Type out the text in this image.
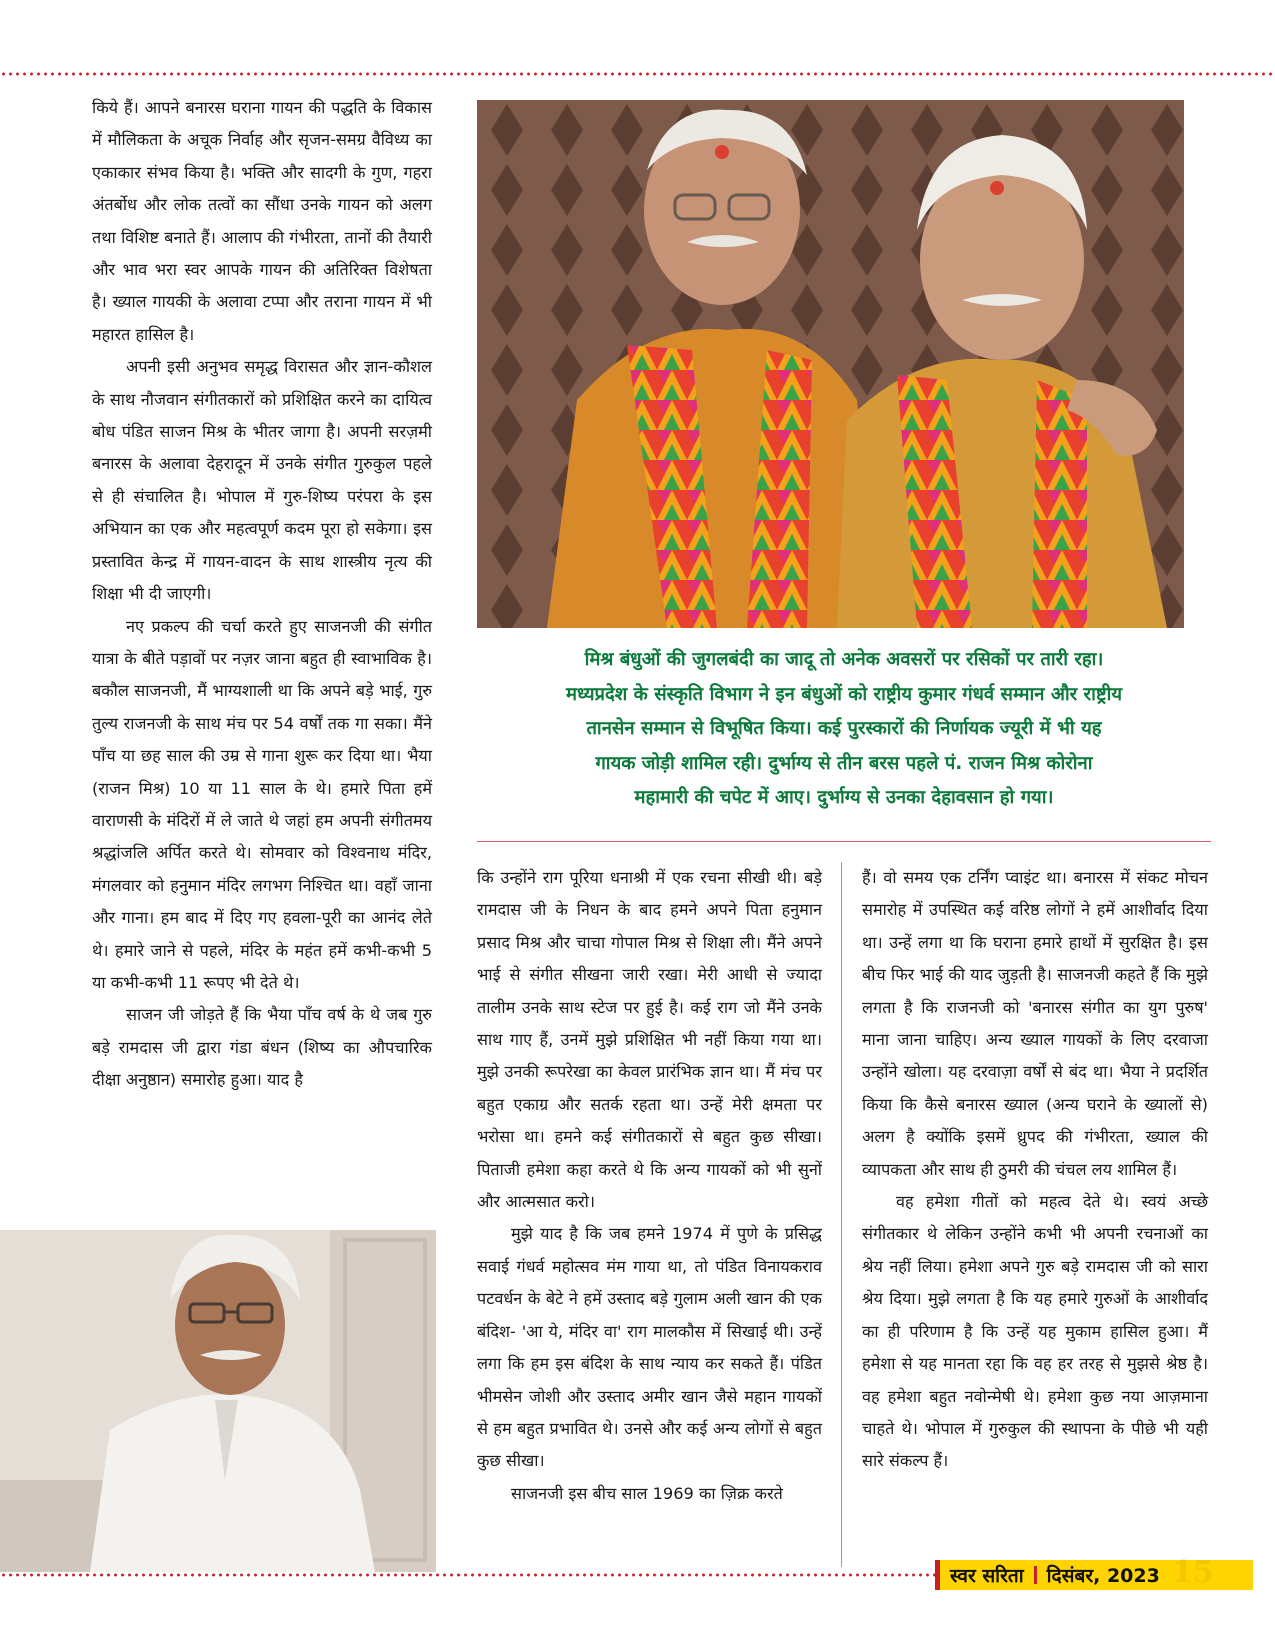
किये हैं। आपने बनारस घराना गायन की पद्धति के विकास में मौलिकता के अचूक निर्वाह और सृजन-समग्र वैविध्य का एकाकार संभव किया है। भक्ति और सादगी के गुण, गहरा अंतर्बोध और लोक तत्वों का सौंधा उनके गायन को अलग तथा विशिष्ट बनाते हैं। आलाप की गंभीरता, तानों की तैयारी और भाव भरा स्वर आपके गायन की अतिरिक्त विशेषता है। ख्याल गायकी के अलावा टप्पा और तराना गायन में भी महारत हासिल है।

अपनी इसी अनुभव समृद्ध विरासत और ज्ञान-कौशल के साथ नौजवान संगीतकारों को प्रशिक्षित करने का दायित्व बोध पंडित साजन मिश्र के भीतर जागा है। अपनी सरज़मी बनारस के अलावा देहरादून में उनके संगीत गुरुकुल पहले से ही संचालित है। भोपाल में गुरु-शिष्य परंपरा के इस अभियान का एक और महत्वपूर्ण कदम पूरा हो सकेगा। इस प्रस्तावित केन्द्र में गायन-वादन के साथ शास्त्रीय नृत्य की शिक्षा भी दी जाएगी।

नए प्रकल्प की चर्चा करते हुए साजनजी की संगीत यात्रा के बीते पड़ावों पर नज़र जाना बहुत ही स्वाभाविक है। बकौल साजनजी, मैं भाग्यशाली था कि अपने बड़े भाई, गुरु तुल्य राजनजी के साथ मंच पर 54 वर्षों तक गा सका। मैंने पाँच या छह साल की उम्र से गाना शुरू कर दिया था। भैया (राजन मिश्र) 10 या 11 साल के थे। हमारे पिता हमें वाराणसी के मंदिरों में ले जाते थे जहां हम अपनी संगीतमय श्रद्धांजलि अर्पित करते थे। सोमवार को विश्वनाथ मंदिर, मंगलवार को हनुमान मंदिर लगभग निश्चित था। वहाँ जाना और गाना। हम बाद में दिए गए हवला-पूरी का आनंद लेते थे। हमारे जाने से पहले, मंदिर के महंत हमें कभी-कभी 5 या कभी-कभी 11 रूपए भी देते थे।

साजन जी जोड़ते हैं कि भैया पाँच वर्ष के थे जब गुरु बड़े रामदास जी द्वारा गंडा बंधन (शिष्य का औपचारिक दीक्षा अनुष्ठान) समारोह हुआ। याद है

मिश्र बंधुओं की जुगलबंदी का जादू तो अनेक अवसरों पर रसिकों पर तारी रहा।
मध्यप्रदेश के संस्कृति विभाग ने इन बंधुओं को राष्ट्रीय कुमार गंधर्व सम्मान और राष्ट्रीय
तानसेन सम्मान से विभूषित किया। कई पुरस्कारों की निर्णायक ज्यूरी में भी यह
गायक जोड़ी शामिल रही। दुर्भाग्य से तीन बरस पहले पं. राजन मिश्र कोरोना
महामारी की चपेट में आए। दुर्भाग्य से उनका देहावसान हो गया।

कि उन्होंने राग पूरिया धनाश्री में एक रचना सीखी थी। बड़े रामदास जी के निधन के बाद हमने अपने पिता हनुमान प्रसाद मिश्र और चाचा गोपाल मिश्र से शिक्षा ली। मैंने अपने भाई से संगीत सीखना जारी रखा। मेरी आधी से ज्यादा तालीम उनके साथ स्टेज पर हुई है। कई राग जो मैंने उनके साथ गाए हैं, उनमें मुझे प्रशिक्षित भी नहीं किया गया था। मुझे उनकी रूपरेखा का केवल प्रारंभिक ज्ञान था। मैं मंच पर बहुत एकाग्र और सतर्क रहता था। उन्हें मेरी क्षमता पर भरोसा था। हमने कई संगीतकारों से बहुत कुछ सीखा। पिताजी हमेशा कहा करते थे कि अन्य गायकों को भी सुनों और आत्मसात करो।

मुझे याद है कि जब हमने 1974 में पुणे के प्रसिद्ध सवाई गंधर्व महोत्सव मंम गाया था, तो पंडित विनायकराव पटवर्धन के बेटे ने हमें उस्ताद बड़े गुलाम अली खान की एक बंदिश- 'आ ये, मंदिर वा' राग मालकौस में सिखाई थी। उन्हें लगा कि हम इस बंदिश के साथ न्याय कर सकते हैं। पंडित भीमसेन जोशी और उस्ताद अमीर खान जैसे महान गायकों से हम बहुत प्रभावित थे। उनसे और कई अन्य लोगों से बहुत कुछ सीखा।

साजनजी इस बीच साल 1969 का ज़िक्र करते

हैं। वो समय एक टर्निंग प्वाइंट था। बनारस में संकट मोचन समारोह में उपस्थित कई वरिष्ठ लोगों ने हमें आशीर्वाद दिया था। उन्हें लगा था कि घराना हमारे हाथों में सुरक्षित है। इस बीच फिर भाई की याद जुड़ती है। साजनजी कहते हैं कि मुझे लगता है कि राजनजी को 'बनारस संगीत का युग पुरुष' माना जाना चाहिए। अन्य ख्याल गायकों के लिए दरवाजा उन्होंने खोला। यह दरवाज़ा वर्षों से बंद था। भैया ने प्रदर्शित किया कि कैसे बनारस ख्याल (अन्य घराने के ख्यालों से) अलग है क्योंकि इसमें ध्रुपद की गंभीरता, ख्याल की व्यापकता और साथ ही ठुमरी की चंचल लय शामिल हैं।

वह हमेशा गीतों को महत्व देते थे। स्वयं अच्छे संगीतकार थे लेकिन उन्होंने कभी भी अपनी रचनाओं का श्रेय नहीं लिया। हमेशा अपने गुरु बड़े रामदास जी को सारा श्रेय दिया। मुझे लगता है कि यह हमारे गुरुओं के आशीर्वाद का ही परिणाम है कि उन्हें यह मुकाम हासिल हुआ। मैं हमेशा से यह मानता रहा कि वह हर तरह से मुझसे श्रेष्ठ है। वह हमेशा बहुत नवोन्मेषी थे। हमेशा कुछ नया आज़माना चाहते थे। भोपाल में गुरुकुल की स्थापना के पीछे भी यही सारे संकल्प हैं।

स्वर सरिता दिसंबर, 2023 15
